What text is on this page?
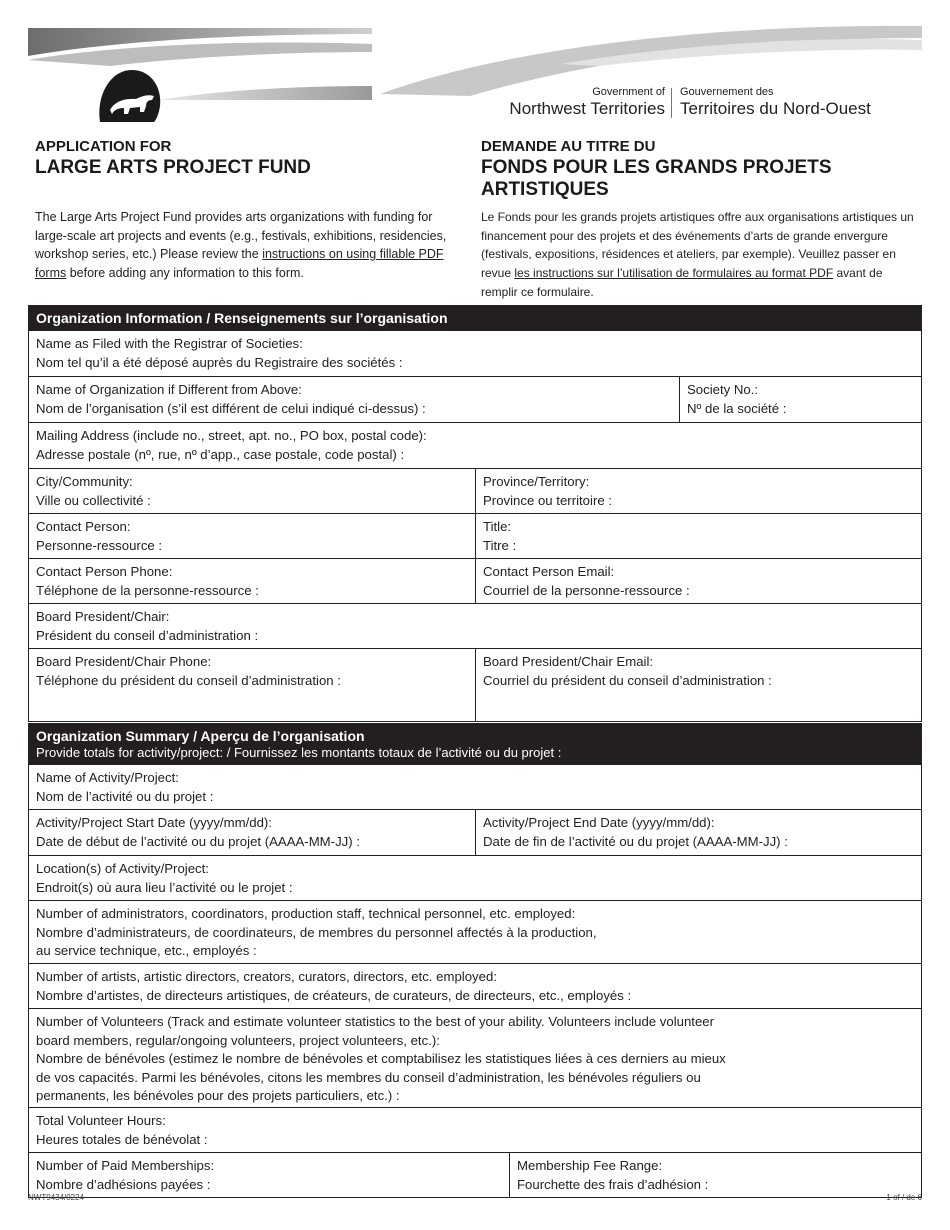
Government of
Northwest Territories
Gouvernement des
Territoires du Nord-Ouest
APPLICATION FOR
LARGE ARTS PROJECT FUND
DEMANDE AU TITRE DU
FONDS POUR LES GRANDS PROJETS ARTISTIQUES
The Large Arts Project Fund provides arts organizations with funding for large-scale art projects and events (e.g., festivals, exhibitions, residencies, workshop series, etc.) Please review the instructions on using fillable PDF forms before adding any information to this form.
Le Fonds pour les grands projets artistiques offre aux organisations artistiques un financement pour des projets et des événements d’arts de grande envergure (festivals, expositions, résidences et ateliers, par exemple). Veuillez passer en revue les instructions sur l’utilisation de formulaires au format PDF avant de remplir ce formulaire.
Organization Information / Renseignements sur l’organisation
Name as Filed with the Registrar of Societies:
Nom tel qu’il a été déposé auprès du Registraire des sociétés :
Name of Organization if Different from Above:
Nom de l’organisation (s’il est différent de celui indiqué ci-dessus) :
Society No.:
Nº de la société :
Mailing Address (include no., street, apt. no., PO box, postal code):
Adresse postale (nº, rue, nº d’app., case postale, code postal) :
City/Community:
Ville ou collectivité :
Province/Territory:
Province ou territoire :
Contact Person:
Personne-ressource :
Title:
Titre :
Contact Person Phone:
Téléphone de la personne-ressource :
Contact Person Email:
Courriel de la personne-ressource :
Board President/Chair:
Président du conseil d’administration :
Board President/Chair Phone:
Téléphone du président du conseil d’administration :
Board President/Chair Email:
Courriel du président du conseil d’administration :
Organization Summary / Aperçu de l’organisation
Provide totals for activity/project: / Fournissez les montants totaux de l’activité ou du projet :
Name of Activity/Project:
Nom de l’activité ou du projet :
Activity/Project Start Date (yyyy/mm/dd):
Date de début de l’activité ou du projet (AAAA-MM-JJ) :
Activity/Project End Date (yyyy/mm/dd):
Date de fin de l’activité ou du projet (AAAA-MM-JJ) :
Location(s) of Activity/Project:
Endroit(s) où aura lieu l’activité ou le projet :
Number of administrators, coordinators, production staff, technical personnel, etc. employed:
Nombre d’administrateurs, de coordinateurs, de membres du personnel affectés à la production,
au service technique, etc., employés :
Number of artists, artistic directors, creators, curators, directors, etc. employed:
Nombre d’artistes, de directeurs artistiques, de créateurs, de curateurs, de directeurs, etc., employés :
Number of Volunteers (Track and estimate volunteer statistics to the best of your ability. Volunteers include volunteer
board members, regular/ongoing volunteers, project volunteers, etc.):
Nombre de bénévoles (estimez le nombre de bénévoles et comptabilisez les statistiques liées à ces derniers au mieux
de vos capacités. Parmi les bénévoles, citons les membres du conseil d’administration, les bénévoles réguliers ou
permanents, les bénévoles pour des projets particuliers, etc.) :
Total Volunteer Hours:
Heures totales de bénévolat :
Number of Paid Memberships:
Nombre d’adhésions payées :
Membership Fee Range:
Fourchette des frais d’adhésion :
NWT9434/0224	1 of / de 6
